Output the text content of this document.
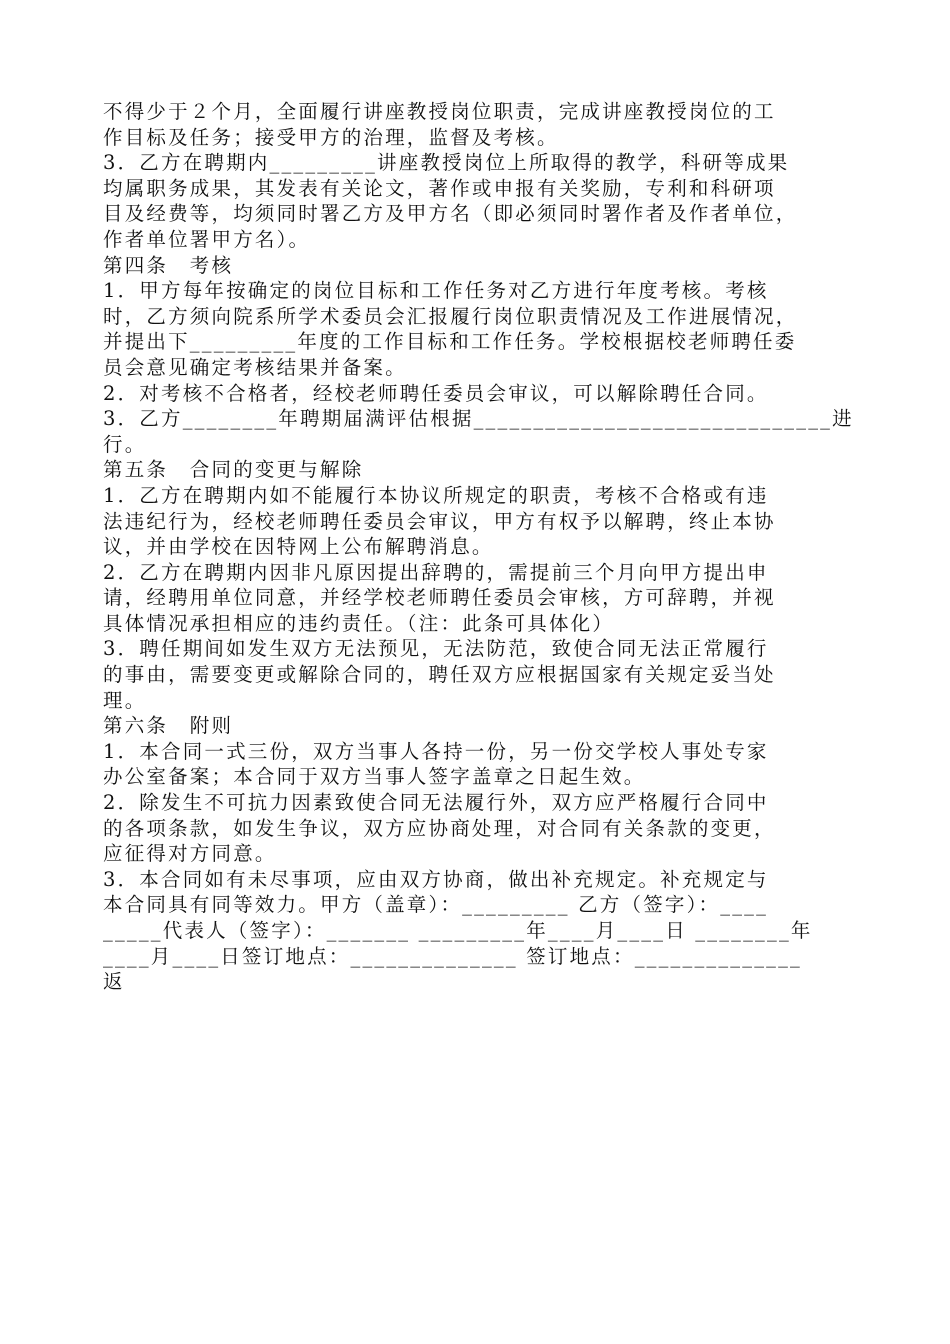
不得少于２个月，全面履行讲座教授岗位职责，完成讲座教授岗位的工
作目标及任务；接受甲方的治理，监督及考核。
3．乙方在聘期内_________讲座教授岗位上所取得的教学，科研等成果
均属职务成果，其发表有关论文，著作或申报有关奖励，专利和科研项
目及经费等，均须同时署乙方及甲方名（即必须同时署作者及作者单位，
作者单位署甲方名）。
第四条　考核
1．甲方每年按确定的岗位目标和工作任务对乙方进行年度考核。考核
时，乙方须向院系所学术委员会汇报履行岗位职责情况及工作进展情况，
并提出下_________年度的工作目标和工作任务。学校根据校老师聘任委
员会意见确定考核结果并备案。
2．对考核不合格者，经校老师聘任委员会审议，可以解除聘任合同。
3．乙方________年聘期届满评估根据______________________________进
行。
第五条　合同的变更与解除
1．乙方在聘期内如不能履行本协议所规定的职责，考核不合格或有违
法违纪行为，经校老师聘任委员会审议，甲方有权予以解聘，终止本协
议，并由学校在因特网上公布解聘消息。
2．乙方在聘期内因非凡原因提出辞聘的，需提前三个月向甲方提出申
请，经聘用单位同意，并经学校老师聘任委员会审核，方可辞聘，并视
具体情况承担相应的违约责任。（注：此条可具体化）
3．聘任期间如发生双方无法预见，无法防范，致使合同无法正常履行
的事由，需要变更或解除合同的，聘任双方应根据国家有关规定妥当处
理。
第六条　附则
1．本合同一式三份，双方当事人各持一份，另一份交学校人事处专家
办公室备案；本合同于双方当事人签字盖章之日起生效。
2．除发生不可抗力因素致使合同无法履行外，双方应严格履行合同中
的各项条款，如发生争议，双方应协商处理，对合同有关条款的变更，
应征得对方同意。
3．本合同如有未尽事项，应由双方协商，做出补充规定。补充规定与
本合同具有同等效力。甲方（盖章）：_________ 乙方（签字）：____
_____代表人（签字）：_______ _________年____月____日 ________年
____月____日签订地点：______________ 签订地点：______________
返
